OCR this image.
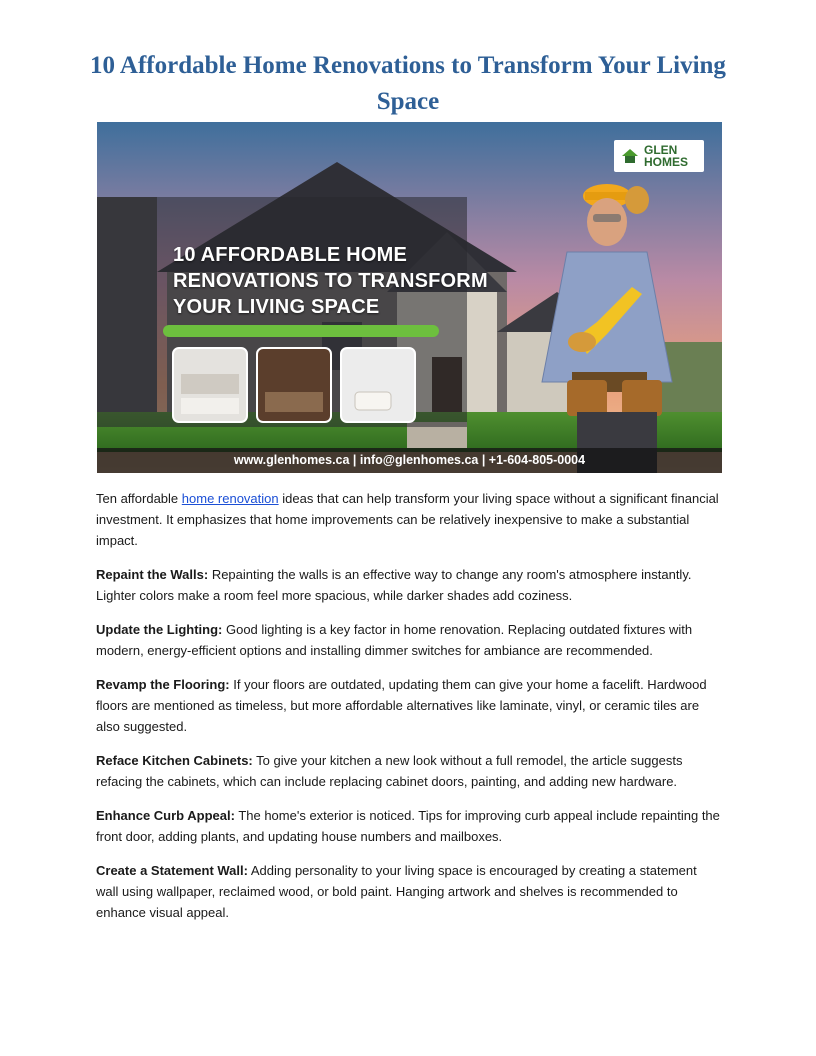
10 Affordable Home Renovations to Transform Your Living Space
GLEN HOMES
10 AFFORDABLE HOME RENOVATIONS TO TRANSFORM YOUR LIVING SPACE
www.glenhomes.ca | info@glenhomes.ca | +1-604-805-0004

Ten affordable home renovation ideas that can help transform your living space without a significant financial investment. It emphasizes that home improvements can be relatively inexpensive to make a substantial impact.

Repaint the Walls: Repainting the walls is an effective way to change any room's atmosphere instantly. Lighter colors make a room feel more spacious, while darker shades add coziness.

Update the Lighting: Good lighting is a key factor in home renovation. Replacing outdated fixtures with modern, energy-efficient options and installing dimmer switches for ambiance are recommended.

Revamp the Flooring: If your floors are outdated, updating them can give your home a facelift. Hardwood floors are mentioned as timeless, but more affordable alternatives like laminate, vinyl, or ceramic tiles are also suggested.

Reface Kitchen Cabinets: To give your kitchen a new look without a full remodel, the article suggests refacing the cabinets, which can include replacing cabinet doors, painting, and adding new hardware.

Enhance Curb Appeal: The home's exterior is noticed. Tips for improving curb appeal include repainting the front door, adding plants, and updating house numbers and mailboxes.

Create a Statement Wall: Adding personality to your living space is encouraged by creating a statement wall using wallpaper, reclaimed wood, or bold paint. Hanging artwork and shelves is recommended to enhance visual appeal.
